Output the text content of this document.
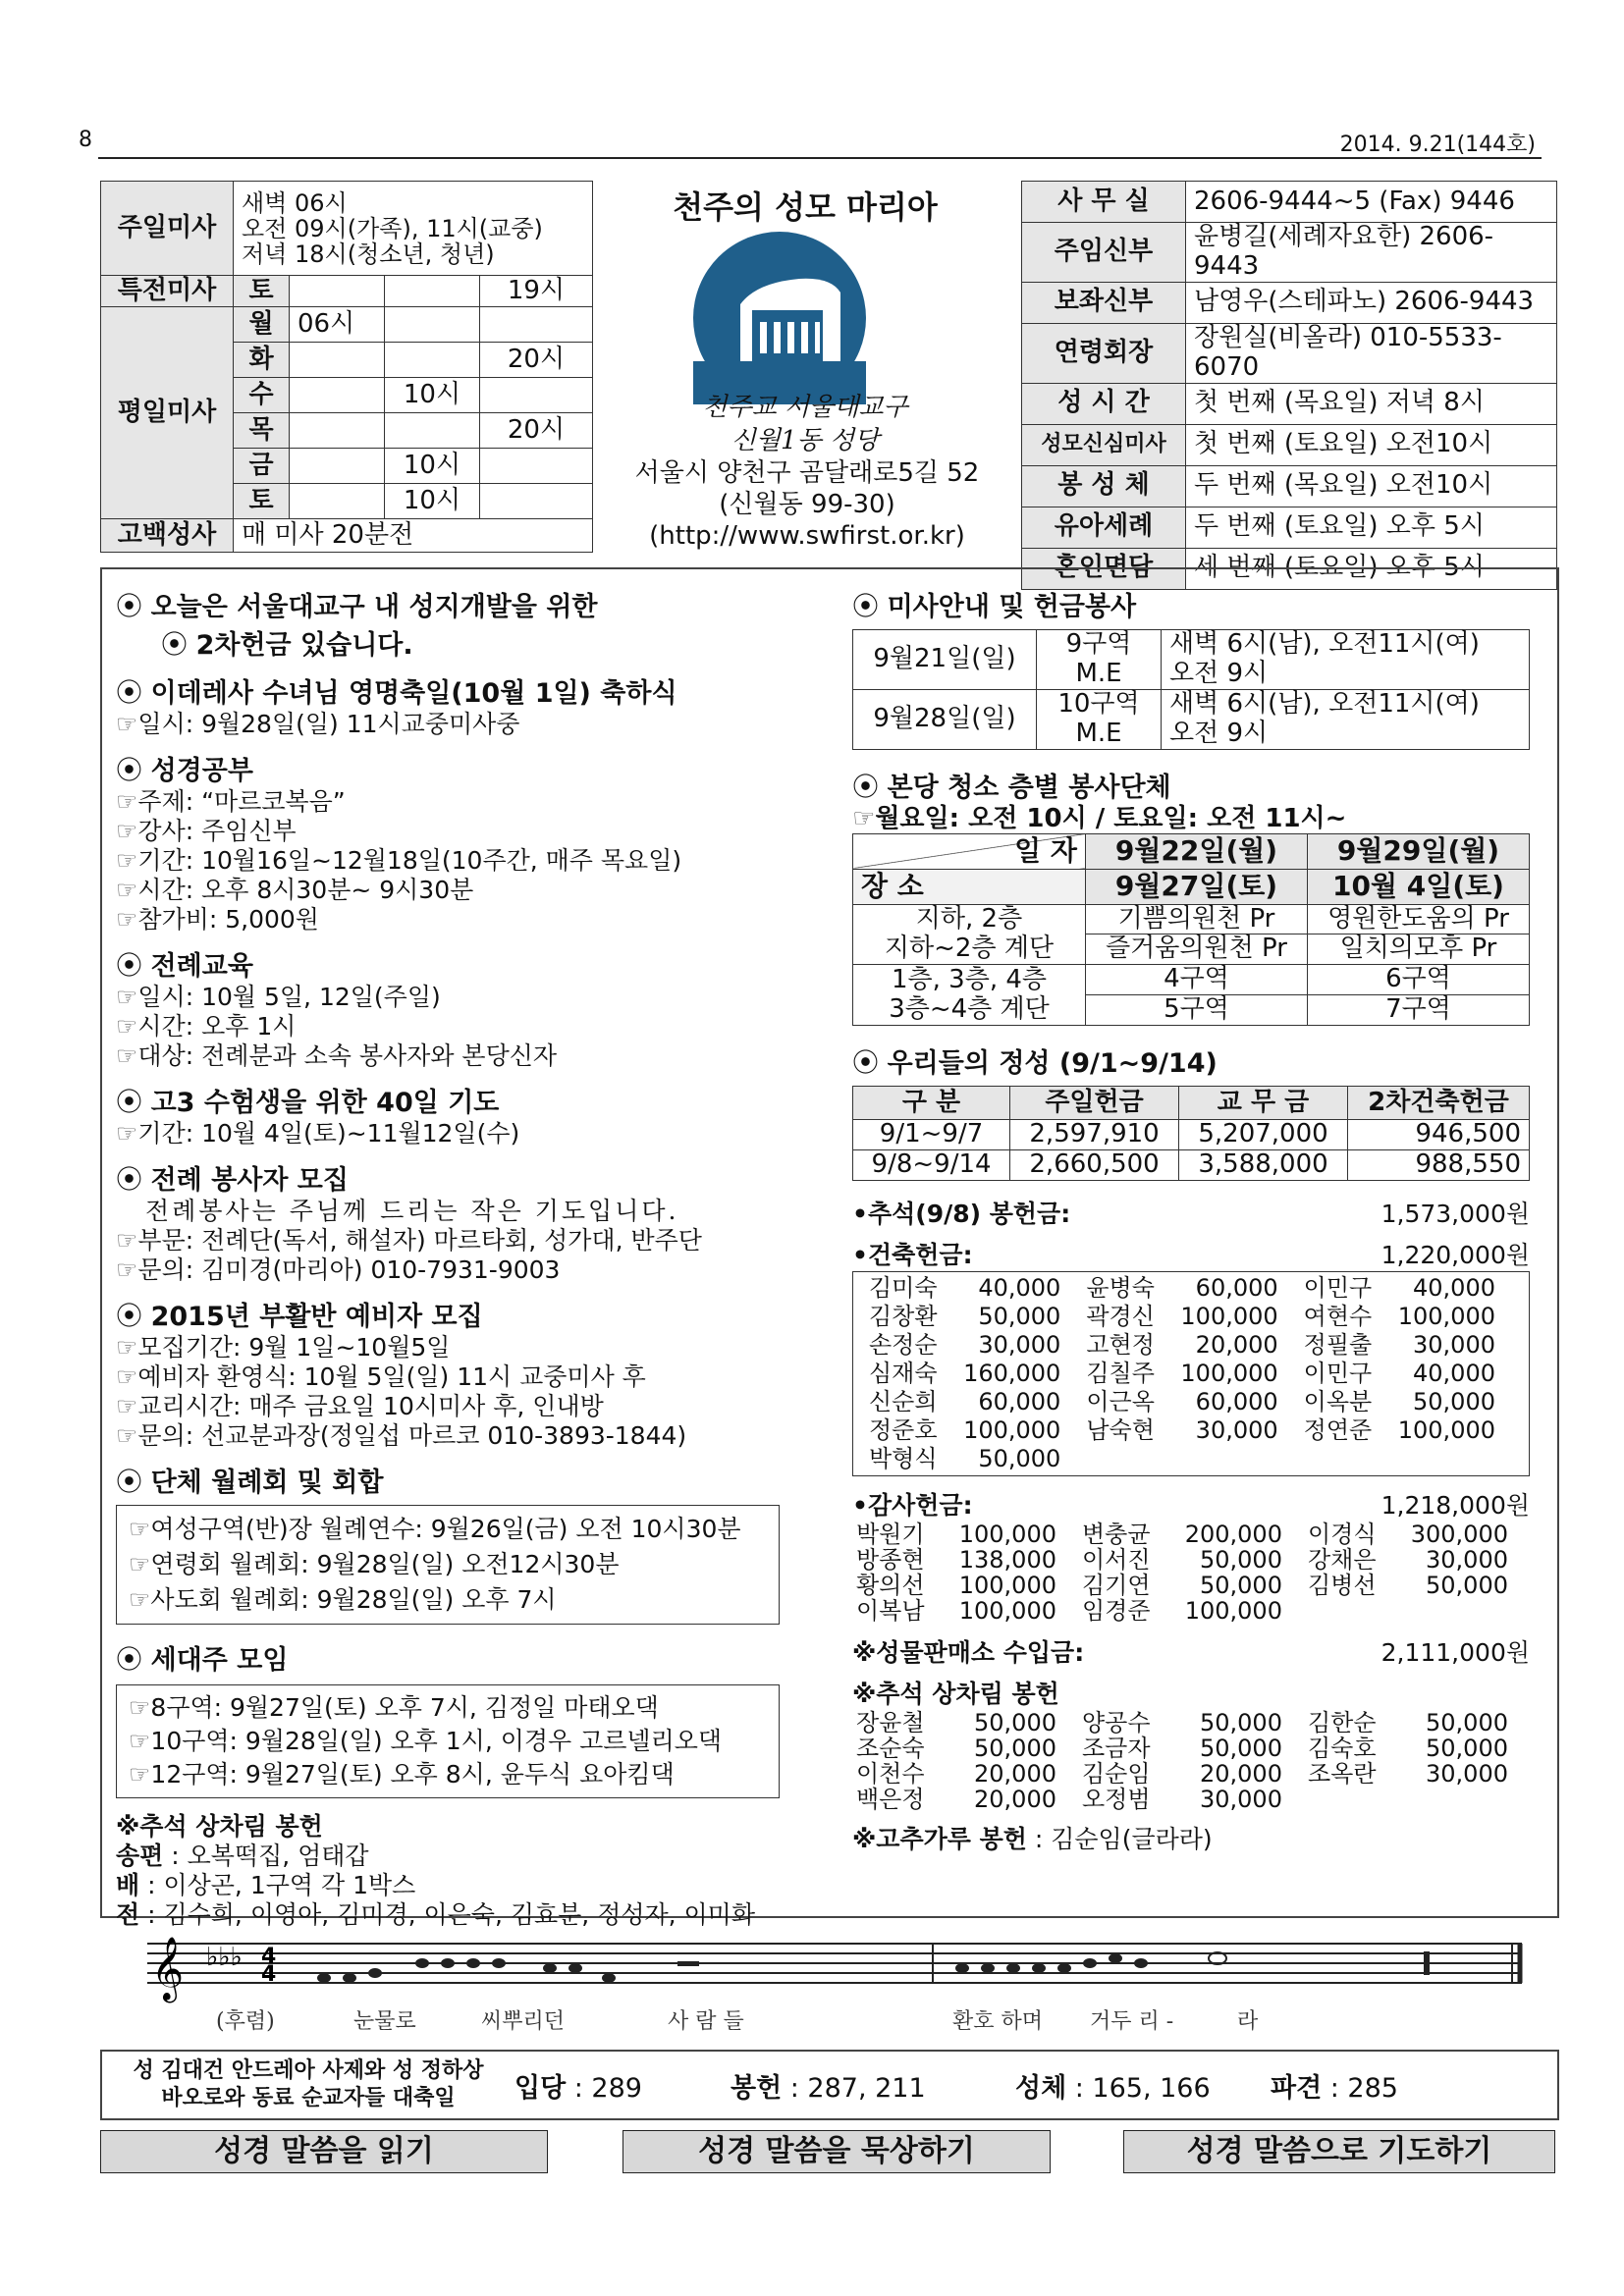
8	2014. 9.21(144호)
주일미사	새벽 06시
오전 09시(가족), 11시(교중)
저녁 18시(청소년, 청년)			

특전미사	토			19시
평일미사	월	06시		
	화			20시
	수		10시	
	목			20시
	금		10시	
	토		10시	
고백성사	매 미사 20분전			
천주의 성모 마리아
천주교 서울대교구
신월1동 성당
서울시 양천구 곰달래로5길 52
(신월동 99-30)
(http://www.swfirst.or.kr)
사 무 실	2606-9444~5 (Fax) 9446
주임신부	윤병길(세례자요한) 2606-9443
보좌신부	남영우(스테파노) 2606-9443
연령회장	장원실(비올라) 010-5533-6070
성 시 간	첫 번째 (목요일) 저녁 8시
성모신심미사	첫 번째 (토요일) 오전10시
봉 성 체	두 번째 (목요일) 오전10시
유아세례	두 번째 (토요일) 오후 5시
혼인면담	세 번째 (토요일) 오후 5시

⦿ 오늘은 서울대교구 내 성지개발을 위한

⦿ 2차헌금 있습니다.

⦿ 이데레사 수녀님 영명축일(10월 1일) 축하식

☞ 일시: 9월28일(일) 11시교중미사중

⦿ 성경공부

☞ 주제: “마르코복음”

☞ 강사: 주임신부

☞ 기간: 10월16일~12월18일(10주간, 매주 목요일)

☞ 시간: 오후 8시30분~ 9시30분

☞ 참가비: 5,000원

⦿ 전례교육

☞ 일시: 10월 5일, 12일(주일)

☞ 시간: 오후 1시

☞ 대상: 전례분과 소속 봉사자와 본당신자

⦿ 고3 수험생을 위한 40일 기도

☞ 기간: 10월 4일(토)~11월12일(수)

⦿ 전례 봉사자 모집

전례봉사는 주님께 드리는 작은 기도입니다.

☞ 부문: 전례단(독서, 해설자) 마르타회, 성가대, 반주단

☞ 문의: 김미경(마리아) 010-7931-9003

⦿ 2015년 부활반 예비자 모집

☞ 모집기간: 9월 1일~10월5일

☞ 예비자 환영식: 10월 5일(일) 11시 교중미사 후

☞ 교리시간: 매주 금요일 10시미사 후, 인내방

☞ 문의: 선교분과장(정일섭 마르코 010-3893-1844)

⦿ 단체 월례회 및 회합

☞ 여성구역(반)장 월례연수: 9월26일(금) 오전 10시30분

☞ 연령회 월례회: 9월28일(일) 오전12시30분

☞ 사도회 월례회: 9월28일(일) 오후 7시

⦿ 세대주 모임

☞ 8구역: 9월27일(토) 오후 7시, 김정일 마태오댁

☞ 10구역: 9월28일(일) 오후 1시, 이경우 고르넬리오댁

☞ 12구역: 9월27일(토) 오후 8시, 윤두식 요아킴댁

※추석 상차림 봉헌

송편 : 오복떡집, 엄태갑

배 : 이상곤, 1구역 각 1박스

전 : 김수희, 이영아, 김미경, 이은숙, 김효분, 정성자, 이미화

⦿ 미사안내 및 헌금봉사

9월21일(일)	9구역	새벽 6시(남), 오전11시(여)
	M.E	오전 9시
9월28일(일)	10구역	새벽 6시(남), 오전11시(여)
	M.E	오전 9시

⦿ 본당 청소 층별 봉사단체

☞ 월요일: 오전 10시 / 토요일: 오전 11시~

일 자	9월22일(월)	9월29일(월)
장 소	9월27일(토)	10월 4일(토)
지하, 2층	기쁨의원천 Pr	영원한도움의 Pr
지하~2층 계단	즐거움의원천 Pr	일치의모후 Pr
1층, 3층, 4층	4구역	6구역
3층~4층 계단	5구역	7구역

⦿ 우리들의 정성 (9/1~9/14)

구 분	주일헌금	교 무 금	2차건축헌금
9/1~9/7	2,597,910	5,207,000	946,500
9/8~9/14	2,660,500	3,588,000	988,550
•추석(9/8) 봉헌금:	1,573,000원
•건축헌금:	1,220,000원
김미숙	40,000	윤병숙	60,000	이민구	40,000
김창환	50,000	곽경신	100,000	여현수	100,000
손정순	30,000	고현정	20,000	정필출	30,000
심재숙	160,000	김칠주	100,000	이민구	40,000
신순희	60,000	이근옥	60,000	이옥분	50,000
정준호	100,000	남숙현	30,000	정연준	100,000
박형식	50,000				
•감사헌금:	1,218,000원
박원기	100,000	변충균	200,000	이경식	300,000
방종현	138,000	이서진	50,000	강채은	30,000
황의선	100,000	김기연	50,000	김병선	50,000
이복남	100,000	임경준	100,000		
※성물판매소 수입금:	2,111,000원
※추석 상차림 봉헌
장윤철	50,000	양공수	50,000	김한순	50,000
조순숙	50,000	조금자	50,000	김숙호	50,000
이천수	20,000	김순임	20,000	조옥란	30,000
백은정	20,000	오정범	30,000		
※고추가루 봉헌 : 김순임(글라라)
𝄞 ♭♭♭ 4
4
(후렴)	눈물로	씨뿌리던	사 람 들	환호 하며 거두 리 -	라
성 김대건 안드레아 사제와 성 정하상
바오로와 동료 순교자들 대축일	입당 : 289	봉헌 : 287, 211	성체 : 165, 166	파견 : 285
성경 말씀을 읽기	성경 말씀을 묵상하기	성경 말씀으로 기도하기
